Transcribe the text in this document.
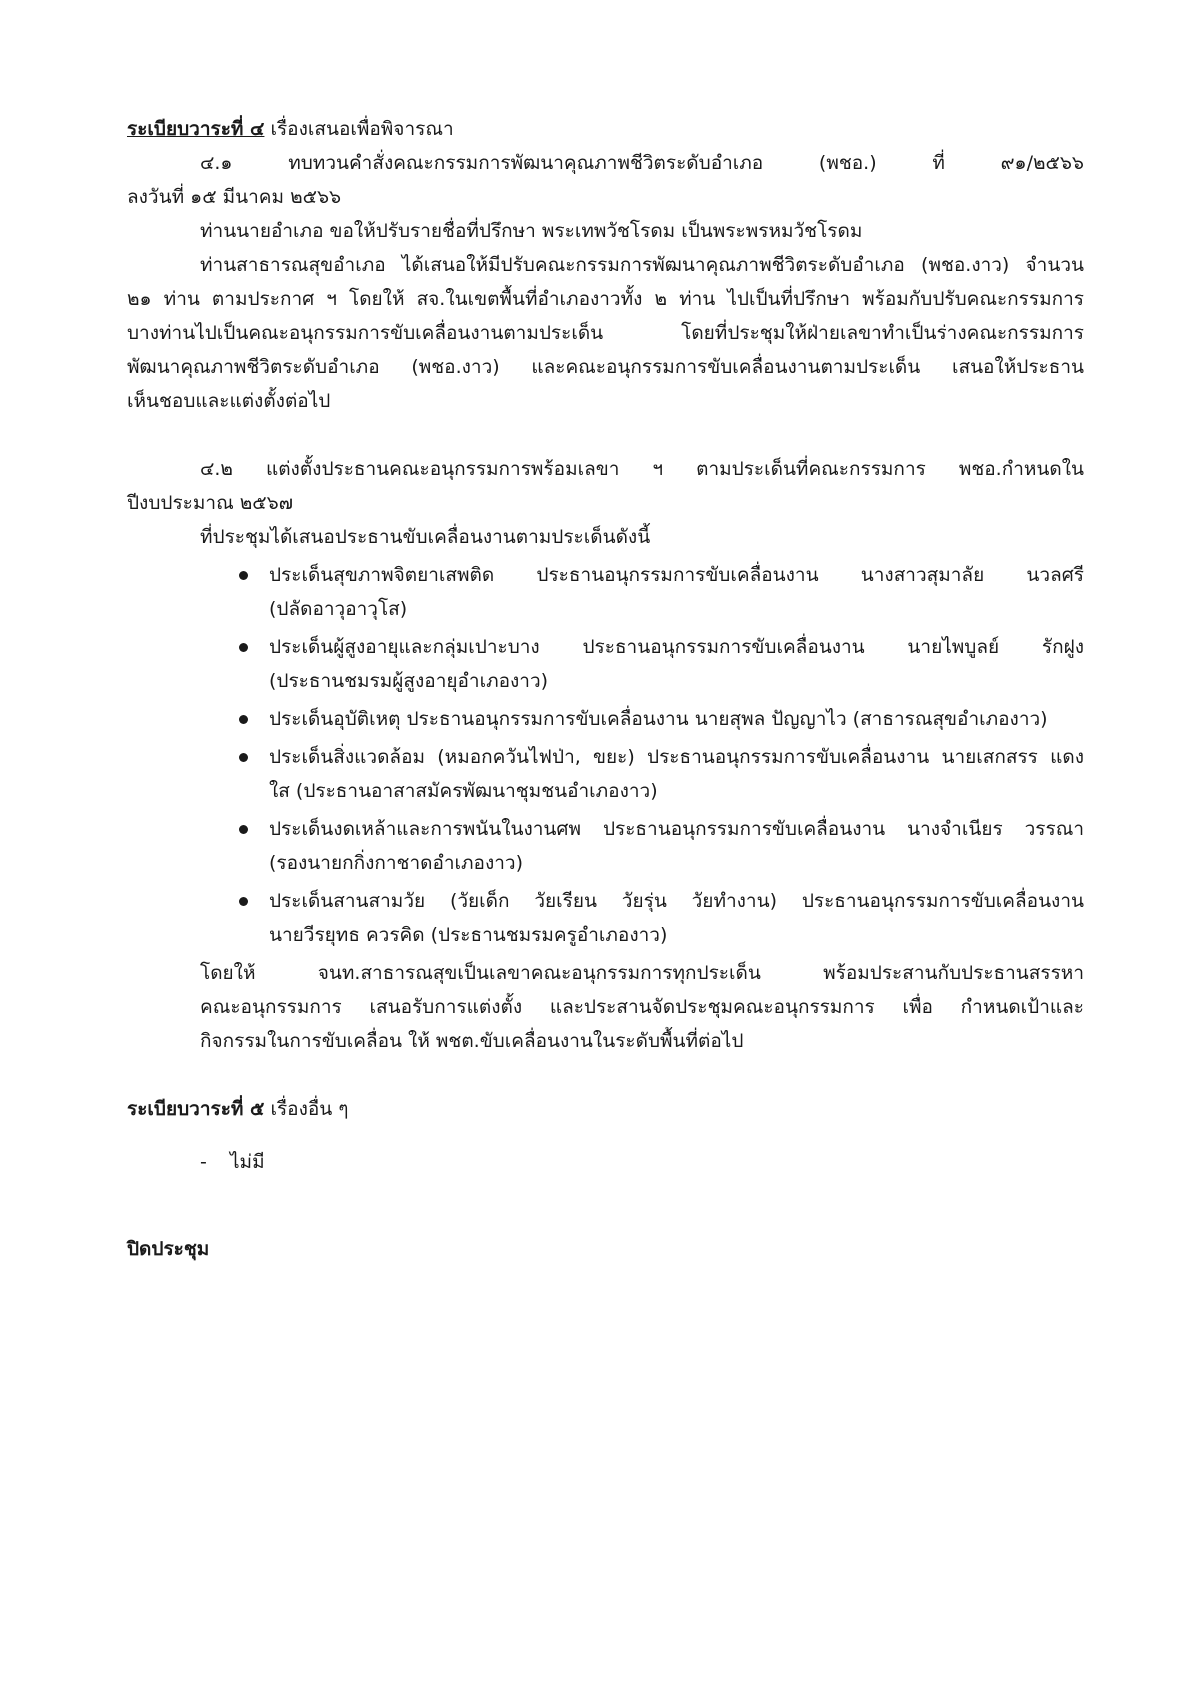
ระเบียบวาระที่ ๔ เรื่องเสนอเพื่อพิจารณา

๔.๑ ทบทวนคำสั่งคณะกรรมการพัฒนาคุณภาพชีวิตระดับอำเภอ (พชอ.) ที่ ๙๑/๒๕๖๖

ลงวันที่ ๑๕ มีนาคม ๒๕๖๖

ท่านนายอำเภอ ขอให้ปรับรายชื่อที่ปรึกษา พระเทพวัชโรดม เป็นพระพรหมวัชโรดม

ท่านสาธารณสุขอำเภอ ได้เสนอให้มีปรับคณะกรรมการพัฒนาคุณภาพชีวิตระดับอำเภอ (พชอ.งาว) จำนวน

๒๑ ท่าน ตามประกาศ ฯ โดยให้ สจ.ในเขตพื้นที่อำเภองาวทั้ง ๒ ท่าน ไปเป็นที่ปรึกษา พร้อมกับปรับคณะกรรมการ

บางท่านไปเป็นคณะอนุกรรมการขับเคลื่อนงานตามประเด็น โดยที่ประชุมให้ฝ่ายเลขาทำเป็นร่างคณะกรรมการ

พัฒนาคุณภาพชีวิตระดับอำเภอ (พชอ.งาว) และคณะอนุกรรมการขับเคลื่อนงานตามประเด็น เสนอให้ประธาน

เห็นชอบและแต่งตั้งต่อไป

๔.๒ แต่งตั้งประธานคณะอนุกรรมการพร้อมเลขา ฯ ตามประเด็นที่คณะกรรมการ พชอ.กำหนดใน

ปีงบประมาณ ๒๕๖๗

ที่ประชุมได้เสนอประธานขับเคลื่อนงานตามประเด็นดังนี้

ประเด็นสุขภาพจิตยาเสพติด ประธานอนุกรรมการขับเคลื่อนงาน นางสาวสุมาลัย นวลศรี
(ปลัดอาวุอาวุโส)
ประเด็นผู้สูงอายุและกลุ่มเปาะบาง ประธานอนุกรรมการขับเคลื่อนงาน นายไพบูลย์ รักฝูง
(ประธานชมรมผู้สูงอายุอำเภองาว)
ประเด็นอุบัติเหตุ ประธานอนุกรรมการขับเคลื่อนงาน นายสุพล ปัญญาไว (สาธารณสุขอำเภองาว)
ประเด็นสิ่งแวดล้อม (หมอกควันไฟป่า, ขยะ) ประธานอนุกรรมการขับเคลื่อนงาน นายเสกสรร แดง
ใส (ประธานอาสาสมัครพัฒนาชุมชนอำเภองาว)
ประเด็นงดเหล้าและการพนันในงานศพ ประธานอนุกรรมการขับเคลื่อนงาน นางจำเนียร วรรณา
(รองนายกกิ่งกาชาดอำเภองาว)
ประเด็นสานสามวัย (วัยเด็ก วัยเรียน วัยรุ่น วัยทำงาน) ประธานอนุกรรมการขับเคลื่อนงาน
นายวีรยุทธ ควรคิด (ประธานชมรมครูอำเภองาว)
โดยให้ จนท.สาธารณสุขเป็นเลขาคณะอนุกรรมการทุกประเด็น พร้อมประสานกับประธานสรรหา
คณะอนุกรรมการ เสนอรับการแต่งตั้ง และประสานจัดประชุมคณะอนุกรรมการ เพื่อ กำหนดเป้าและ
กิจกรรมในการขับเคลื่อน ให้ พชต.ขับเคลื่อนงานในระดับพื้นที่ต่อไป

ระเบียบวาระที่ ๕ เรื่องอื่น ๆ

- ไม่มี

ปิดประชุม
